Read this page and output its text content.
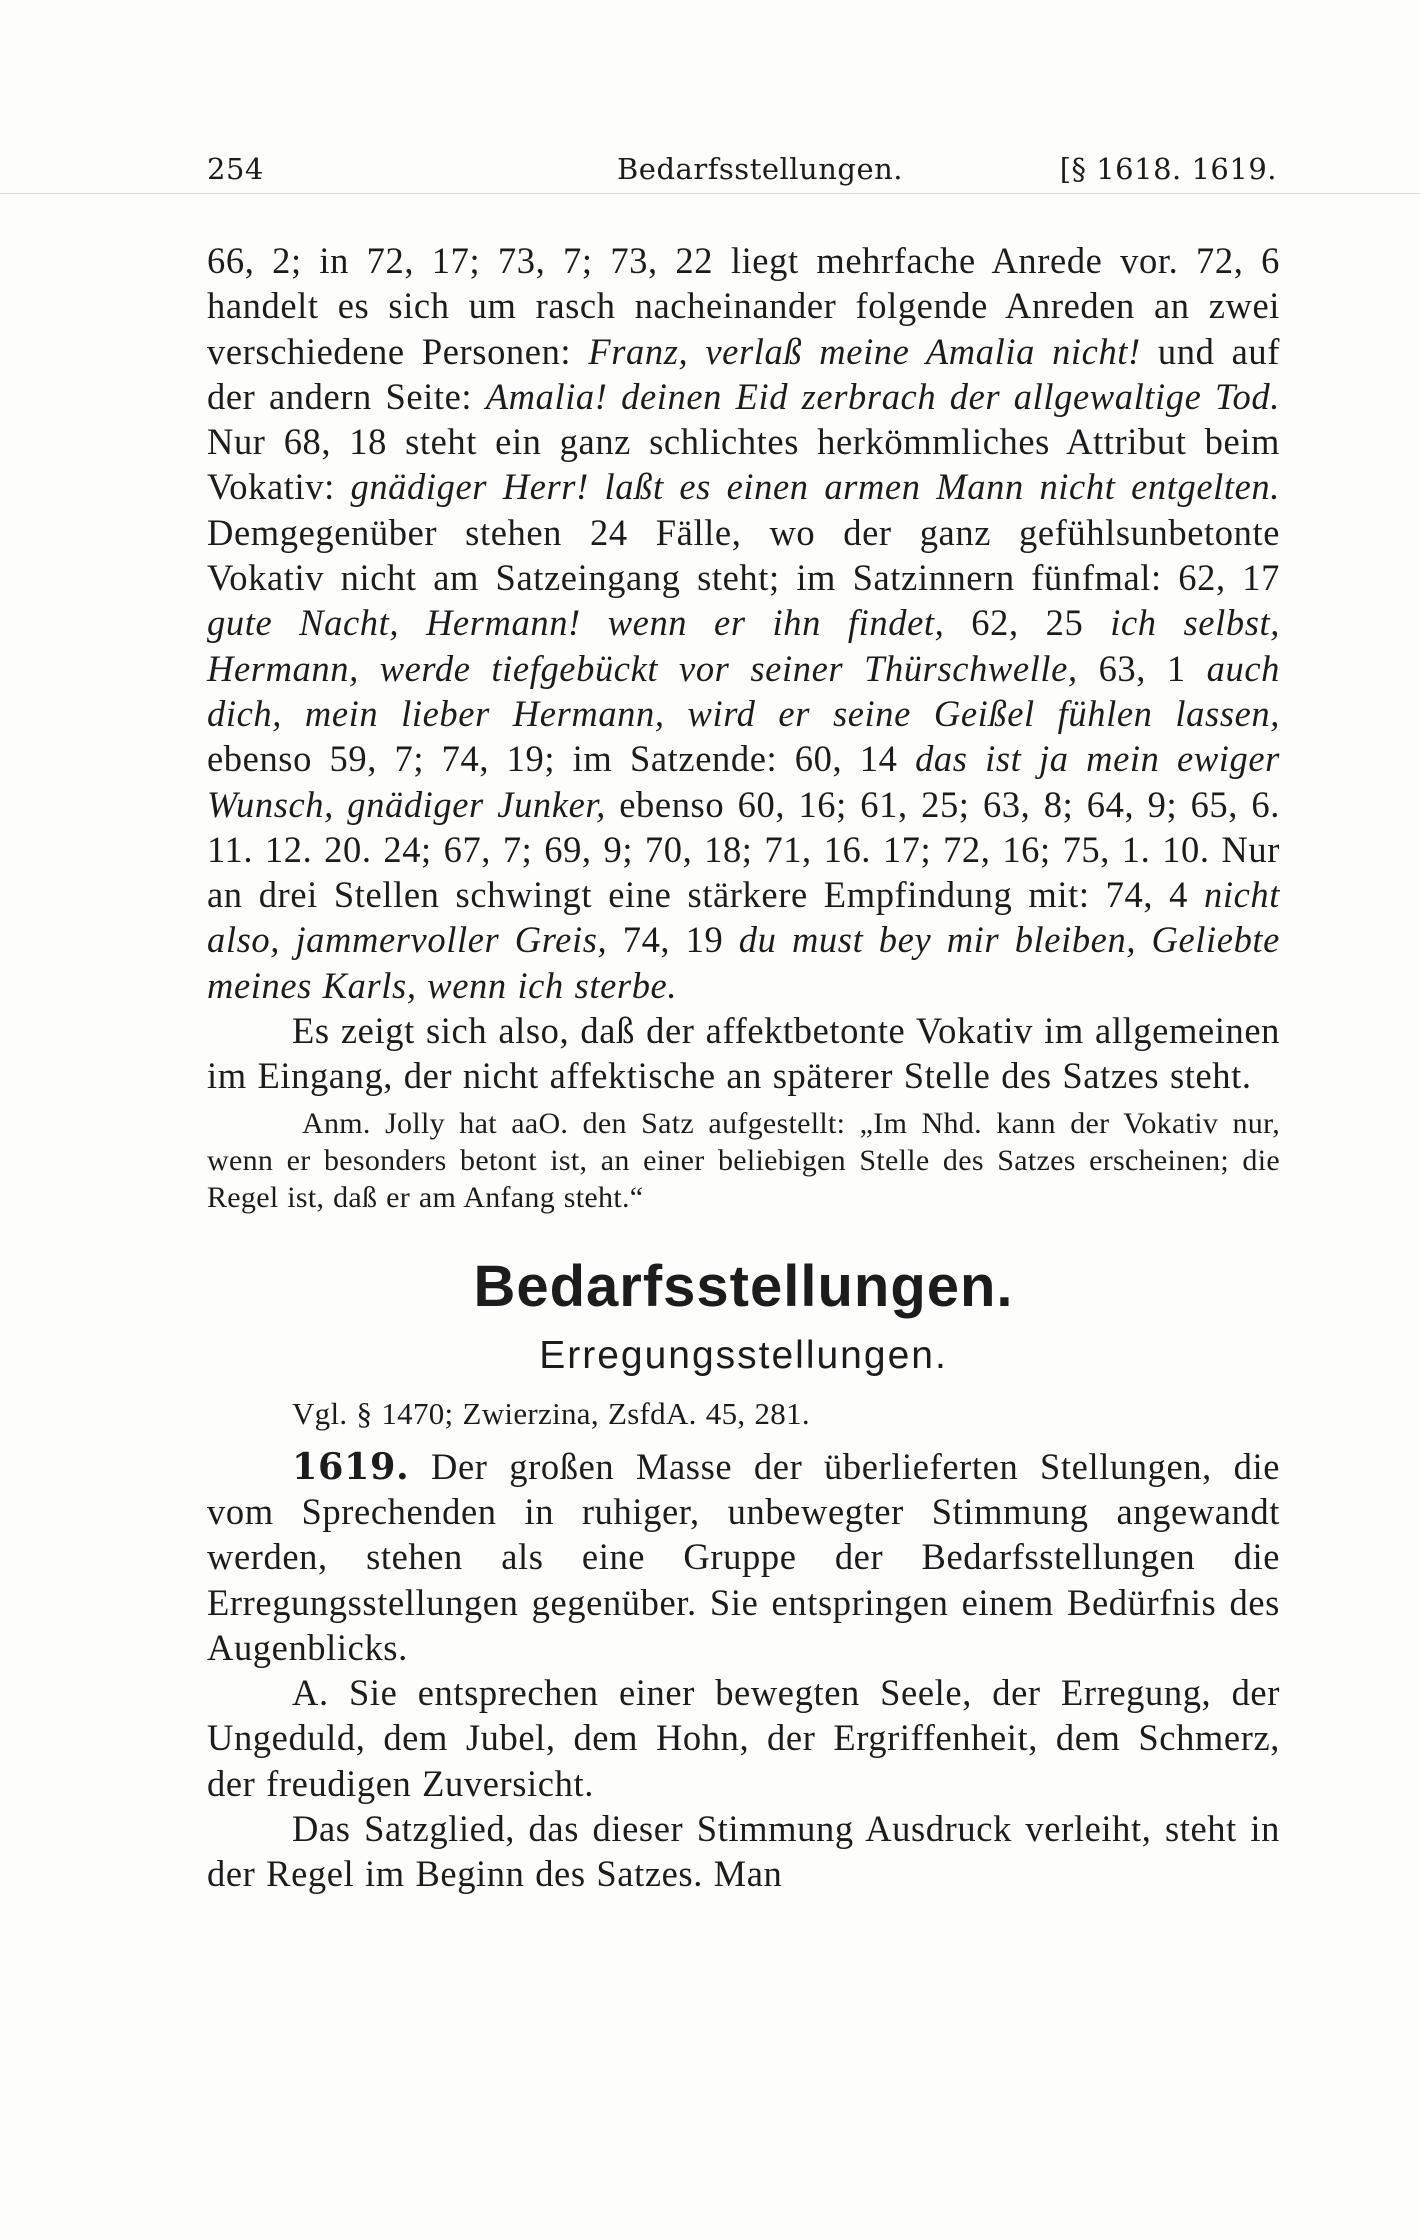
254	Bedarfsstellungen.	[§ 1618. 1619.

66, 2; in 72, 17; 73, 7; 73, 22 liegt mehrfache Anrede vor. 72, 6 handelt es sich um rasch nacheinander folgende Anreden an zwei verschiedene Personen: Franz, verlaß meine Amalia nicht! und auf der andern Seite: Amalia! deinen Eid zerbrach der allgewaltige Tod. Nur 68, 18 steht ein ganz schlichtes herkömmliches Attribut beim Vokativ: gnädiger Herr! laßt es einen armen Mann nicht entgelten. Demgegenüber stehen 24 Fälle, wo der ganz gefühlsunbetonte Vokativ nicht am Satzeingang steht; im Satzinnern fünfmal: 62, 17 gute Nacht, Hermann! wenn er ihn findet, 62, 25 ich selbst, Hermann, werde tiefgebückt vor seiner Thürschwelle, 63, 1 auch dich, mein lieber Hermann, wird er seine Geißel fühlen lassen, ebenso 59, 7; 74, 19; im Satzende: 60, 14 das ist ja mein ewiger Wunsch, gnädiger Junker, ebenso 60, 16; 61, 25; 63, 8; 64, 9; 65, 6. 11. 12. 20. 24; 67, 7; 69, 9; 70, 18; 71, 16. 17; 72, 16; 75, 1. 10. Nur an drei Stellen schwingt eine stärkere Empfindung mit: 74, 4 nicht also, jammervoller Greis, 74, 19 du must bey mir bleiben, Geliebte meines Karls, wenn ich sterbe.

Es zeigt sich also, daß der affektbetonte Vokativ im allgemeinen im Eingang, der nicht affektische an späterer Stelle des Satzes steht.

Anm. Jolly hat aaO. den Satz aufgestellt: „Im Nhd. kann der Vokativ nur, wenn er besonders betont ist, an einer beliebigen Stelle des Satzes erscheinen; die Regel ist, daß er am Anfang steht.“

Bedarfsstellungen.

Erregungsstellungen.

Vgl. § 1470; Zwierzina, ZsfdA. 45, 281.

1619. Der großen Masse der überlieferten Stellungen, die vom Sprechenden in ruhiger, unbewegter Stimmung angewandt werden, stehen als eine Gruppe der Bedarfsstellungen die Erregungsstellungen gegenüber. Sie entspringen einem Bedürfnis des Augenblicks.

A. Sie entsprechen einer bewegten Seele, der Erregung, der Ungeduld, dem Jubel, dem Hohn, der Ergriffenheit, dem Schmerz, der freudigen Zuversicht.

Das Satzglied, das dieser Stimmung Ausdruck verleiht, steht in der Regel im Beginn des Satzes. Man
